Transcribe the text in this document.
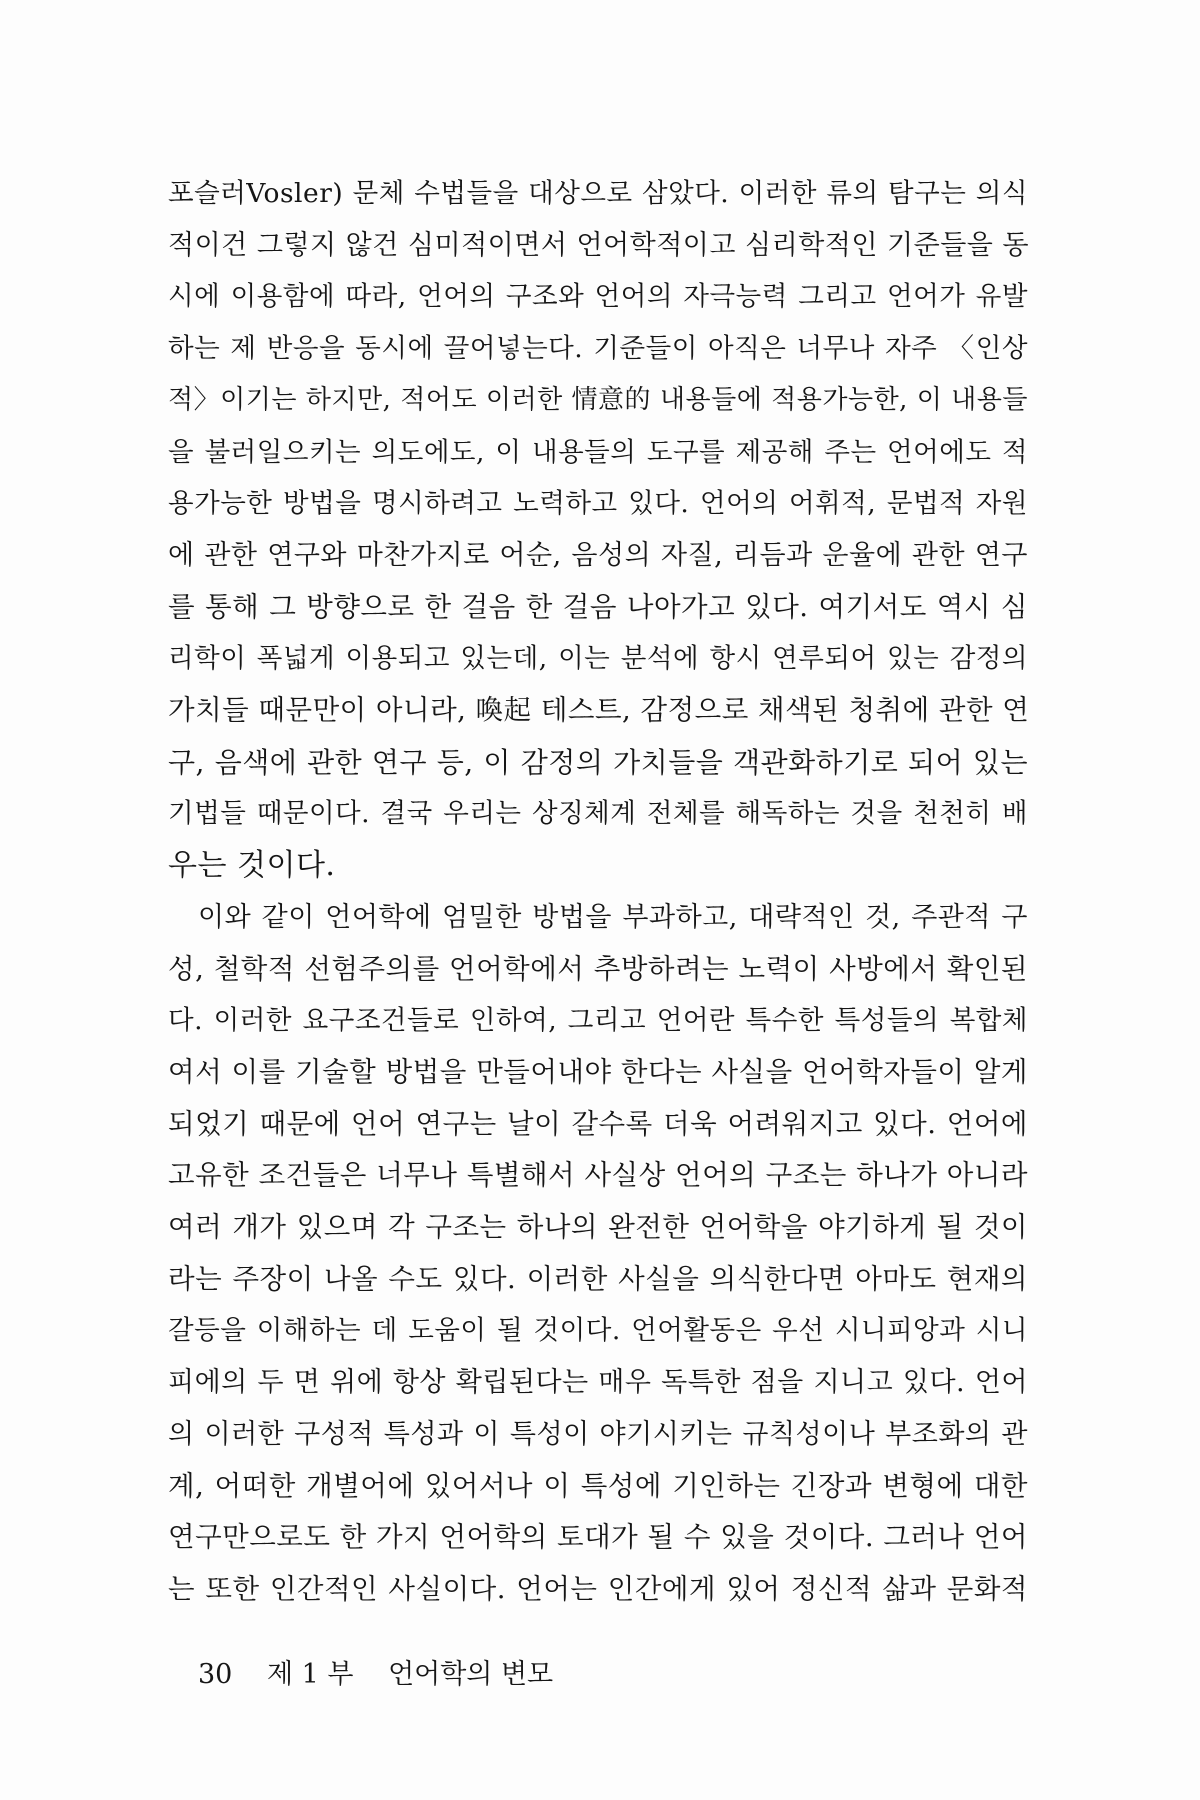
포슬러Vosler) 문체 수법들을 대상으로 삼았다. 이러한 류의 탐구는 의식
적이건 그렇지 않건 심미적이면서 언어학적이고 심리학적인 기준들을 동
시에 이용함에 따라, 언어의 구조와 언어의 자극능력 그리고 언어가 유발
하는 제 반응을 동시에 끌어넣는다. 기준들이 아직은 너무나 자주 〈인상
적〉이기는 하지만, 적어도 이러한 情意的 내용들에 적용가능한, 이 내용들
을 불러일으키는 의도에도, 이 내용들의 도구를 제공해 주는 언어에도 적
용가능한 방법을 명시하려고 노력하고 있다. 언어의 어휘적, 문법적 자원
에 관한 연구와 마찬가지로 어순, 음성의 자질, 리듬과 운율에 관한 연구
를 통해 그 방향으로 한 걸음 한 걸음 나아가고 있다. 여기서도 역시 심
리학이 폭넓게 이용되고 있는데, 이는 분석에 항시 연루되어 있는 감정의
가치들 때문만이 아니라, 喚起 테스트, 감정으로 채색된 청취에 관한 연
구, 음색에 관한 연구 등, 이 감정의 가치들을 객관화하기로 되어 있는
기법들 때문이다. 결국 우리는 상징체계 전체를 해독하는 것을 천천히 배
우는 것이다.
이와 같이 언어학에 엄밀한 방법을 부과하고, 대략적인 것, 주관적 구
성, 철학적 선험주의를 언어학에서 추방하려는 노력이 사방에서 확인된
다. 이러한 요구조건들로 인하여, 그리고 언어란 특수한 특성들의 복합체
여서 이를 기술할 방법을 만들어내야 한다는 사실을 언어학자들이 알게
되었기 때문에 언어 연구는 날이 갈수록 더욱 어려워지고 있다. 언어에
고유한 조건들은 너무나 특별해서 사실상 언어의 구조는 하나가 아니라
여러 개가 있으며 각 구조는 하나의 완전한 언어학을 야기하게 될 것이
라는 주장이 나올 수도 있다. 이러한 사실을 의식한다면 아마도 현재의
갈등을 이해하는 데 도움이 될 것이다. 언어활동은 우선 시니피앙과 시니
피에의 두 면 위에 항상 확립된다는 매우 독특한 점을 지니고 있다. 언어
의 이러한 구성적 특성과 이 특성이 야기시키는 규칙성이나 부조화의 관
계, 어떠한 개별어에 있어서나 이 특성에 기인하는 긴장과 변형에 대한
연구만으로도 한 가지 언어학의 토대가 될 수 있을 것이다. 그러나 언어
는 또한 인간적인 사실이다. 언어는 인간에게 있어 정신적 삶과 문화적
30 제 1 부 언어학의 변모
